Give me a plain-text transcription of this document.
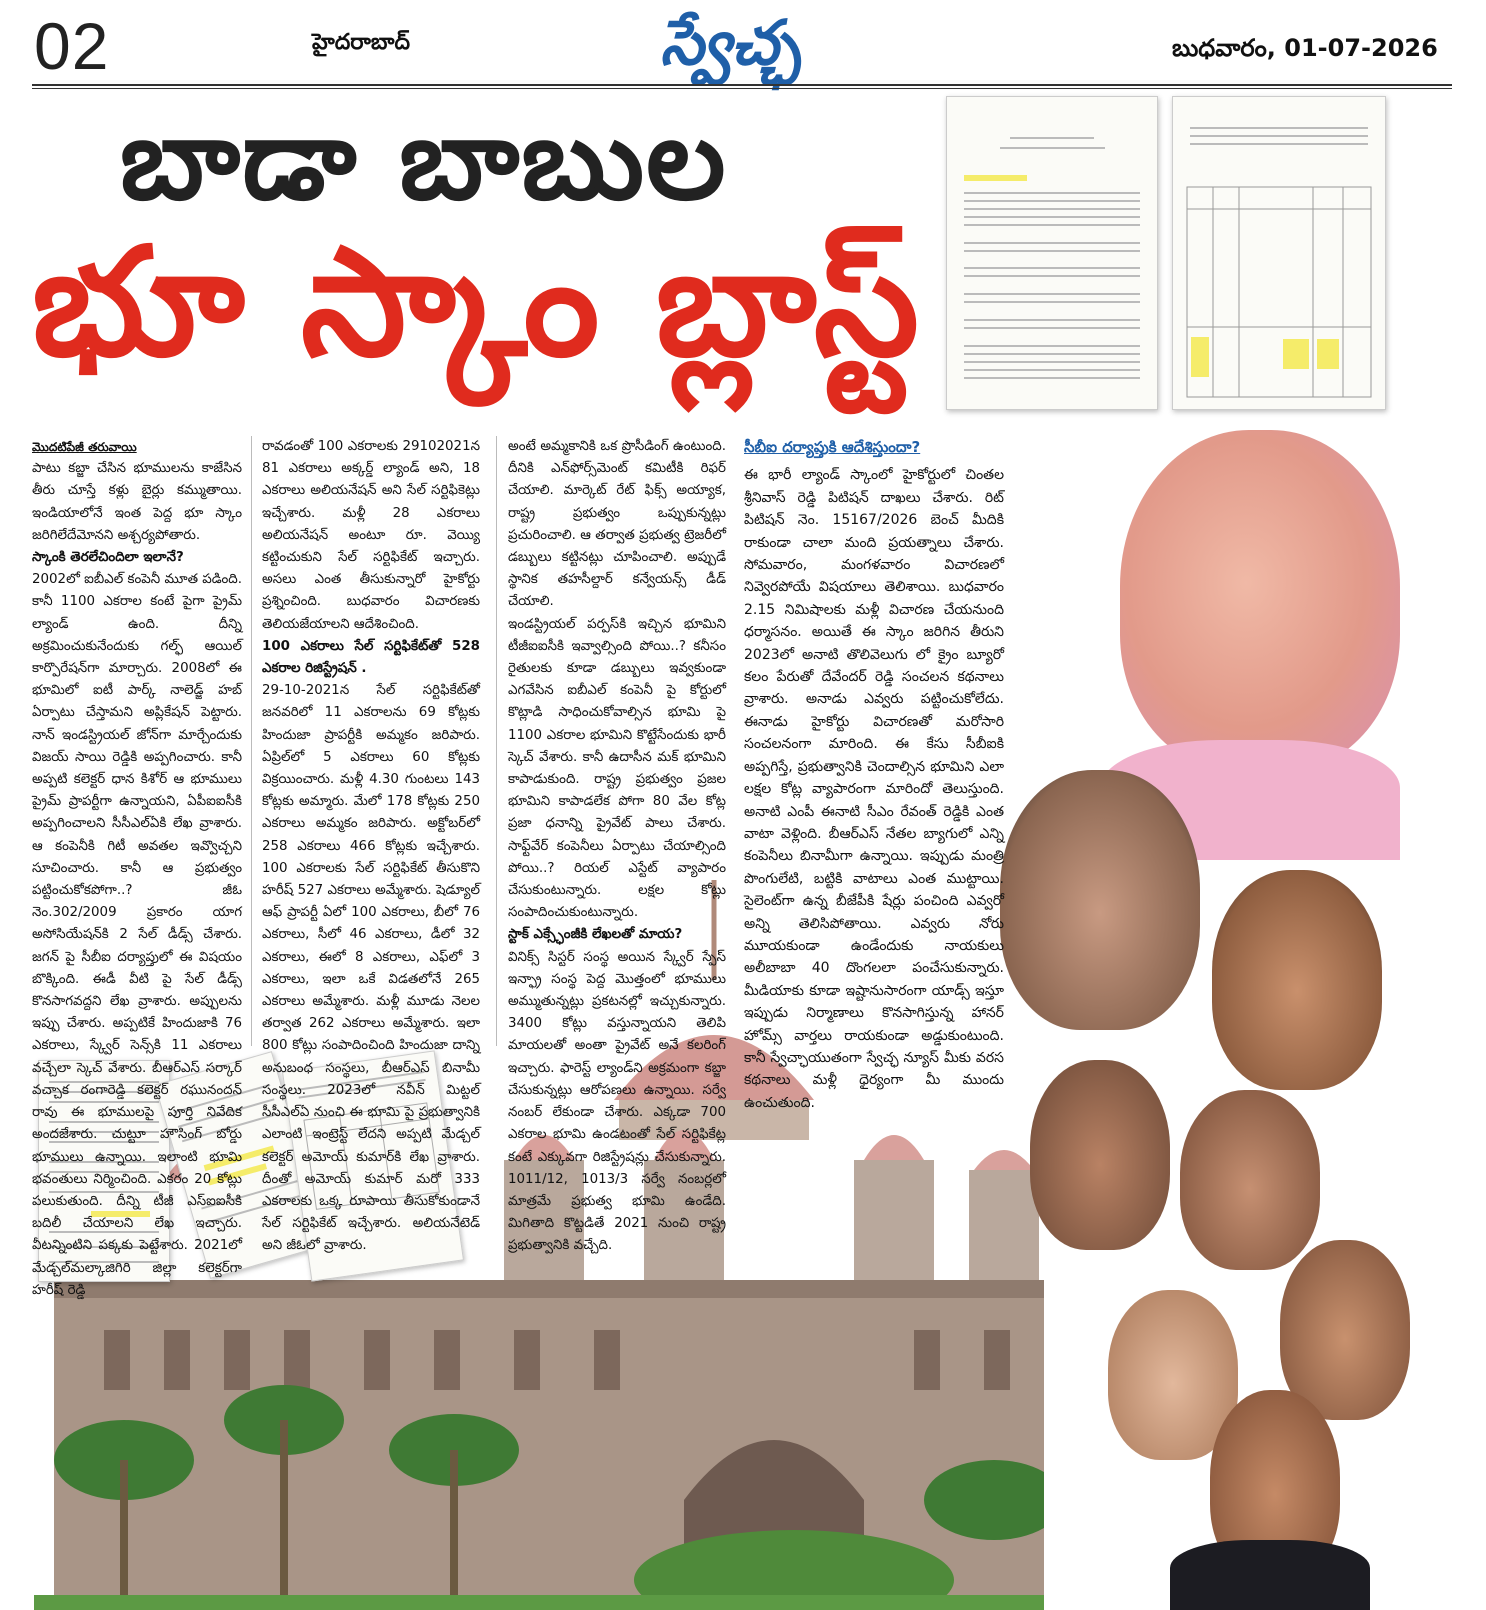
02	హైదరాబాద్	స్వేచ్ఛ	బుధవారం, 01-07-2026
బాడా బాబుల
భూ స్కాం బ్లాస్ట్
మొదటిపేజీ తరువాయి

పాటు కబ్జా చేసిన భూములను కాజేసిన తీరు చూస్తే కళ్లు బైర్లు కమ్ముతాయి. ఇండియాలోనే ఇంత పెద్ద భూ స్కాం జరిగిలేదేమోనని అశ్చర్యపోతారు.

స్కాంకి తెరలేచిందిలా ఇలానే?

2002లో ఐబీఎల్ కంపెనీ మూత పడింది. కానీ 1100 ఎకరాల కంటే పైగా ప్రైమ్ ల్యాండ్ ఉంది. దీన్ని అక్రమించుకునేందుకు గల్ఫ్ ఆయిల్ కార్పొరేషన్‌గా మార్చారు. 2008లో ఈ భూమిలో ఐటీ పార్క్ నాలెడ్జ్ హబ్ ఏర్పాటు చేస్తామని అప్లికేషన్ పెట్టారు. నాన్ ఇండస్ట్రియల్ జోన్‌గా మార్చేందుకు విజయ్ సాయి రెడ్డికి అప్పగించారు. కానీ అప్పటి కలెక్టర్ ధాన కిశోర్ ఆ భూములు ప్రైమ్ ప్రాపర్టీగా ఉన్నాయని, ఏపీఐఐసీకి అప్పగించాలని సీసీఎల్ఏకి లేఖ వ్రాశారు. ఆ కంపెనీకి గిటీ అవతల ఇవ్వొచ్చని సూచించారు. కానీ ఆ ప్రభుత్వం పట్టించుకోకపోగా..? జీఓ నెం.302/2009 ప్రకారం యాగ అసోసియేషన్‌కి 2 సేల్ డీడ్స్ చేశారు. జగన్ పై సీబీఐ దర్యాప్తులో ఈ విషయం బొక్కింది. ఈడీ వీటి పై సేల్ డీడ్స్ కొనసాగవద్దని లేఖ వ్రాశారు. అప్పులను ఇప్పు చేశారు. అప్పటికే హిందుజాకి 76 ఎకరాలు, స్క్వేర్ సెన్స్‌కి 11 ఎకరాలు వచ్చేలా స్కెచ్ వేశారు. బీఆర్ఎస్ సర్కార్ వచ్చాక రంగారెడ్డి కలెక్టర్ రఘునందన్ రావు ఈ భూములపై పూర్తి నివేదిక అందజేశారు. చుట్టూ హౌసింగ్ బోర్డు భూములు ఉన్నాయి. ఇలాంటి భూమి భవంతులు నిర్మించింది. ఎకరం 20 కోట్లు పలుకుతుంది. దీన్ని టీజీ ఎస్ఐఐసీకి బదిలీ చేయాలని లేఖ ఇచ్చారు. వీటన్నింటిని పక్కకు పెట్టేశారు. 2021లో మేడ్చల్‌మల్కాజిగిరి జిల్లా కలెక్టర్‌గా హరీష్ రెడ్డి

రావడంతో 100 ఎకరాలకు 29102021న 81 ఎకరాలు అక్కర్డ్ ల్యాండ్ అని, 18 ఎకరాలు అలియనేషన్ అని సేల్ సర్టిఫికెట్లు ఇచ్చేశారు. మళ్లీ 28 ఎకరాలు అలియనేషన్ అంటూ రూ. వెయ్యి కట్టించుకుని సేల్ సర్టిఫికేట్ ఇచ్చారు. అసలు ఎంత తీసుకున్నారో హైకోర్టు ప్రశ్నించింది. బుధవారం విచారణకు తెలియజేయాలని ఆదేశించింది.

100 ఎకరాలు సేల్ సర్టిఫికేట్‌తో 528 ఎకరాల రిజిస్ట్రేషన్ .

29-10-2021న సేల్ సర్టిఫికేట్‌తో జనవరిలో 11 ఎకరాలను 69 కోట్లకు హిందుజా ప్రాపర్టీకి అమ్మకం జరిపారు. ఏప్రిల్‌లో 5 ఎకరాలు 60 కోట్లకు విక్రయించారు. మళ్లీ 4.30 గుంటలు 143 కోట్లకు అమ్మారు. మేలో 178 కోట్లకు 250 ఎకరాలు అమ్మకం జరిపారు. అక్టోబర్‌లో 258 ఎకరాలు 466 కోట్లకు ఇచ్చేశారు. 100 ఎకరాలకు సేల్ సర్టిఫికేట్ తీసుకొని హరీష్ 527 ఎకరాలు అమ్మేశారు. షెడ్యూల్ ఆఫ్ ప్రాపర్టీ ఏలో 100 ఎకరాలు, బీలో 76 ఎకరాలు, సీలో 46 ఎకరాలు, డీలో 32 ఎకరాలు, ఈలో 8 ఎకరాలు, ఎఫ్‌లో 3 ఎకరాలు, ఇలా ఒకే విడతలోనే 265 ఎకరాలు అమ్మేశారు. మళ్లీ మూడు నెలల తర్వాత 262 ఎకరాలు అమ్మేశారు. ఇలా 800 కోట్లు సంపాదించింది హిందుజా దాన్ని అనుబంధ సంస్థలు, బీఆర్ఎస్ బినామీ సంస్థలు. 2023లో నవీన్ మిట్టల్ సీసీఎల్ఏ నుంచి ఈ భూమి పై ప్రభుత్వానికి ఎలాంటి ఇంట్రెస్ట్ లేదని అప్పటి మేడ్చల్ కలెక్టర్ అమోయ్ కుమార్‌కి లేఖ వ్రాశారు. దీంతో అమోయ్ కుమార్ మరో 333 ఎకరాలకు ఒక్క రూపాయి తీసుకోకుండానే సేల్ సర్టిఫికేట్ ఇచ్చేశారు. అలియనేటెడ్ అని జీఓలో వ్రాశారు.

అంటే అమ్మకానికి ఒక ప్రొసీడింగ్ ఉంటుంది. దీనికి ఎన్‌ఫోర్స్‌మెంట్ కమిటీకి రిఫర్ చేయాలి. మార్కెట్ రేట్ ఫిక్స్ అయ్యాక, రాష్ట్ర ప్రభుత్వం ఒప్పుకున్నట్లు ప్రచురించాలి. ఆ తర్వాత ప్రభుత్వ ట్రెజరీలో డబ్బులు కట్టినట్లు చూపించాలి. అప్పుడే స్థానిక తహసీల్దార్ కన్వేయన్స్ డీడ్ చేయాలి.

ఇండస్ట్రియల్ పర్పస్‌కి ఇచ్చిన భూమిని టీజీఐఐసీకి ఇవ్వాల్సింది పోయి..? కనీసం రైతులకు కూడా డబ్బులు ఇవ్వకుండా ఎగవేసిన ఐబీఎల్ కంపెనీ పై కోర్టులో కొట్లాడి సాధించుకోవాల్సిన భూమి పై 1100 ఎకరాల భూమిని కొట్టేసేందుకు భారీ స్కెచ్ వేశారు. కానీ ఉదాసీన మక్ భూమిని కాపాడుకుంది. రాష్ట్ర ప్రభుత్వం ప్రజల భూమిని కాపాడలేక పోగా 80 వేల కోట్ల ప్రజా ధనాన్ని ప్రైవేట్ పాలు చేశారు. సాఫ్ట్‌వేర్ కంపెనీలు ఏర్పాటు చేయాల్సింది పోయి..? రియల్ ఎస్టేట్ వ్యాపారం చేసుకుంటున్నారు. లక్షల కోట్లు సంపాదించుకుంటున్నారు.

స్టాక్ ఎక్స్ఛేంజీకి లేఖలతో మాయ?

వినిక్స్ సిస్టర్ సంస్థ అయిన స్క్వేర్ స్పేస్ ఇన్ఫ్రా సంస్థ పెద్ద మొత్తంలో భూములు అమ్ముతున్నట్లు ప్రకటనల్లో ఇచ్చుకున్నారు. 3400 కోట్లు వస్తున్నాయని తెలిపి మాయలతో అంతా ప్రైవేట్ అనే కలరింగ్ ఇచ్చారు. ఫారెస్ట్ ల్యాండ్‌ని అక్రమంగా కబ్జా చేసుకున్నట్లు ఆరోపణలు ఉన్నాయి. సర్వే నంబర్ లేకుండా చేశారు. ఎక్కడా 700 ఎకరాల భూమి ఉండటంతో సేల్ సర్టిఫికేట్ల కంటే ఎక్కువగా రిజిస్ట్రేషన్లు చేసుకున్నారు. 1011/12, 1013/3 సర్వే నంబర్లలో మాత్రమే ప్రభుత్వ భూమి ఉండేది. మిగితాది కొట్టడితే 2021 నుంచి రాష్ట్ర ప్రభుత్వానికి వచ్చేది.

సీబీఐ దర్యాప్తుకి ఆదేశిస్తుందా?

ఈ భారీ ల్యాండ్ స్కాంలో హైకోర్టులో చింతల శ్రీనివాస్ రెడ్డి పిటిషన్ దాఖలు చేశారు. రిట్ పిటిషన్ నెం. 15167/2026 బెంచ్ మీదికి రాకుండా చాలా మంది ప్రయత్నాలు చేశారు. సోమవారం, మంగళవారం విచారణలో నివ్వెరపోయే విషయాలు తెలిశాయి. బుధవారం 2.15 నిమిషాలకు మళ్లీ విచారణ చేయనుంది ధర్మాసనం. అయితే ఈ స్కాం జరిగిన తీరుని 2023లో అనాటి తొలివెలుగు లో క్రైం బ్యూరో కలం పేరుతో దేవేందర్ రెడ్డి సంచలన కథనాలు వ్రాశారు. అనాడు ఎవ్వరు పట్టించుకోలేదు. ఈనాడు హైకోర్టు విచారణతో మరోసారి సంచలనంగా మారింది. ఈ కేసు సీబీఐకి అప్పగిస్తే, ప్రభుత్వానికి చెందాల్సిన భూమిని ఎలా లక్షల కోట్ల వ్యాపారంగా మారిందో తెలుస్తుంది. అనాటి ఎంపీ ఈనాటి సీఎం రేవంత్ రెడ్డికి ఎంత వాటా వెళ్లింది. బీఆర్ఎస్ నేతల బ్యాగులో ఎన్ని కంపెనీలు బినామీగా ఉన్నాయి. ఇప్పుడు మంత్రి పొంగులేటి, బట్టికి వాటాలు ఎంత ముట్టాయి. సైలెంట్‌గా ఉన్న బీజేపీకి షేర్లు పంచింది ఎవ్వరో అన్ని తెలిసిపోతాయి. ఎవ్వరు నోరు మూయకుండా ఉండేందుకు నాయకులు అలీబాబా 40 దొంగలలా పంచేసుకున్నారు. మీడియాకు కూడా ఇష్టానుసారంగా యాడ్స్ ఇస్తూ ఇప్పుడు నిర్మాణాలు కొనసాగిస్తున్న హానర్ హోమ్స్ వార్తలు రాయకుండా అడ్డుకుంటుంది. కానీ స్వేచ్ఛాయుతంగా స్వేచ్ఛ న్యూస్ మీకు వరస కథనాలు మళ్లీ ధైర్యంగా మీ ముందు ఉంచుతుంది.
